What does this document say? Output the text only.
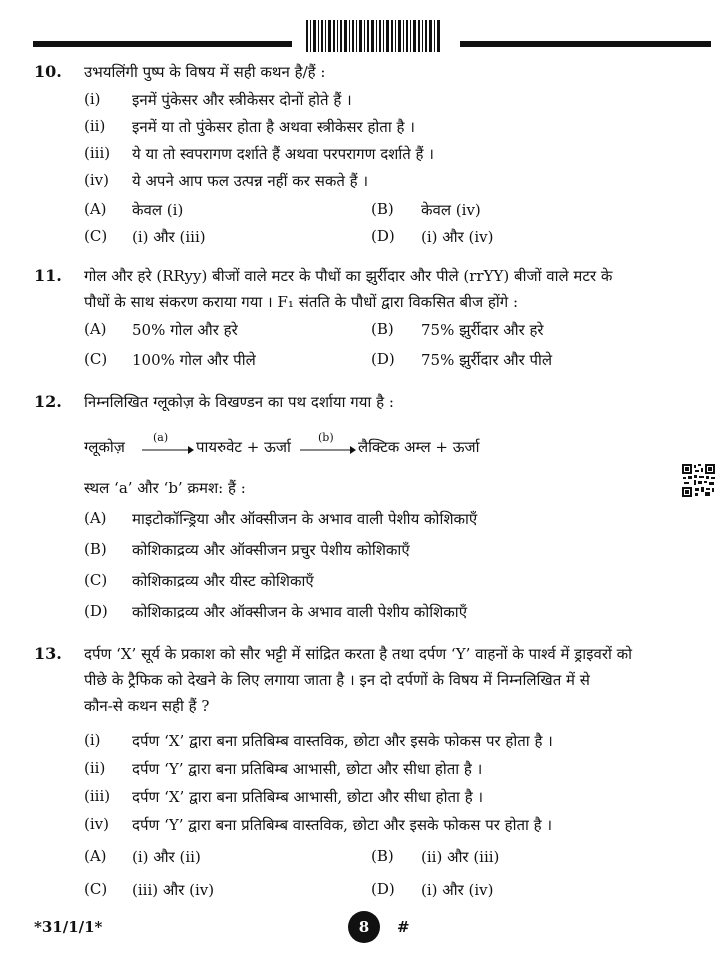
10. उभयलिंगी पुष्प के विषय में सही कथन है/हैं :
(i) इनमें पुंकेसर और स्त्रीकेसर दोनों होते हैं ।
(ii) इनमें या तो पुंकेसर होता है अथवा स्त्रीकेसर होता है ।
(iii) ये या तो स्वपरागण दर्शाते हैं अथवा परपरागण दर्शाते हैं ।
(iv) ये अपने आप फल उत्पन्न नहीं कर सकते हैं ।
(A) केवल (i)	(B) केवल (iv)
(C) (i) और (iii)	(D) (i) और (iv)
11. गोल और हरे (RRyy) बीजों वाले मटर के पौधों का झुर्रीदार और पीले (rrYY) बीजों वाले मटर के
पौधों के साथ संकरण कराया गया । F₁ संतति के पौधों द्वारा विकसित बीज होंगे :
(A) 50% गोल और हरे	(B) 75% झुर्रीदार और हरे
(C) 100% गोल और पीले	(D) 75% झुर्रीदार और पीले
12. निम्नलिखित ग्लूकोज़ के विखण्डन का पथ दर्शाया गया है :
ग्लूकोज़
(a)
पायरुवेट + ऊर्जा
(b)
लैक्टिक अम्ल + ऊर्जा
स्थल ‘a’ और ‘b’ क्रमश: हैं :
(A) माइटोकॉन्ड्रिया और ऑक्सीजन के अभाव वाली पेशीय कोशिकाएँ
(B) कोशिकाद्रव्य और ऑक्सीजन प्रचुर पेशीय कोशिकाएँ
(C) कोशिकाद्रव्य और यीस्ट कोशिकाएँ
(D) कोशिकाद्रव्य और ऑक्सीजन के अभाव वाली पेशीय कोशिकाएँ
13. दर्पण ‘X’ सूर्य के प्रकाश को सौर भट्टी में सांद्रित करता है तथा दर्पण ‘Y’ वाहनों के पार्श्व में ड्राइवरों को
पीछे के ट्रैफिक को देखने के लिए लगाया जाता है । इन दो दर्पणों के विषय में निम्नलिखित में से
कौन-से कथन सही हैं ?
(i) दर्पण ‘X’ द्वारा बना प्रतिबिम्ब वास्तविक, छोटा और इसके फोकस पर होता है ।
(ii) दर्पण ‘Y’ द्वारा बना प्रतिबिम्ब आभासी, छोटा और सीधा होता है ।
(iii) दर्पण ‘X’ द्वारा बना प्रतिबिम्ब आभासी, छोटा और सीधा होता है ।
(iv) दर्पण ‘Y’ द्वारा बना प्रतिबिम्ब वास्तविक, छोटा और इसके फोकस पर होता है ।
(A) (i) और (ii)	(B) (ii) और (iii)
(C) (iii) और (iv)	(D) (i) और (iv)
*31/1/1*	8	#
